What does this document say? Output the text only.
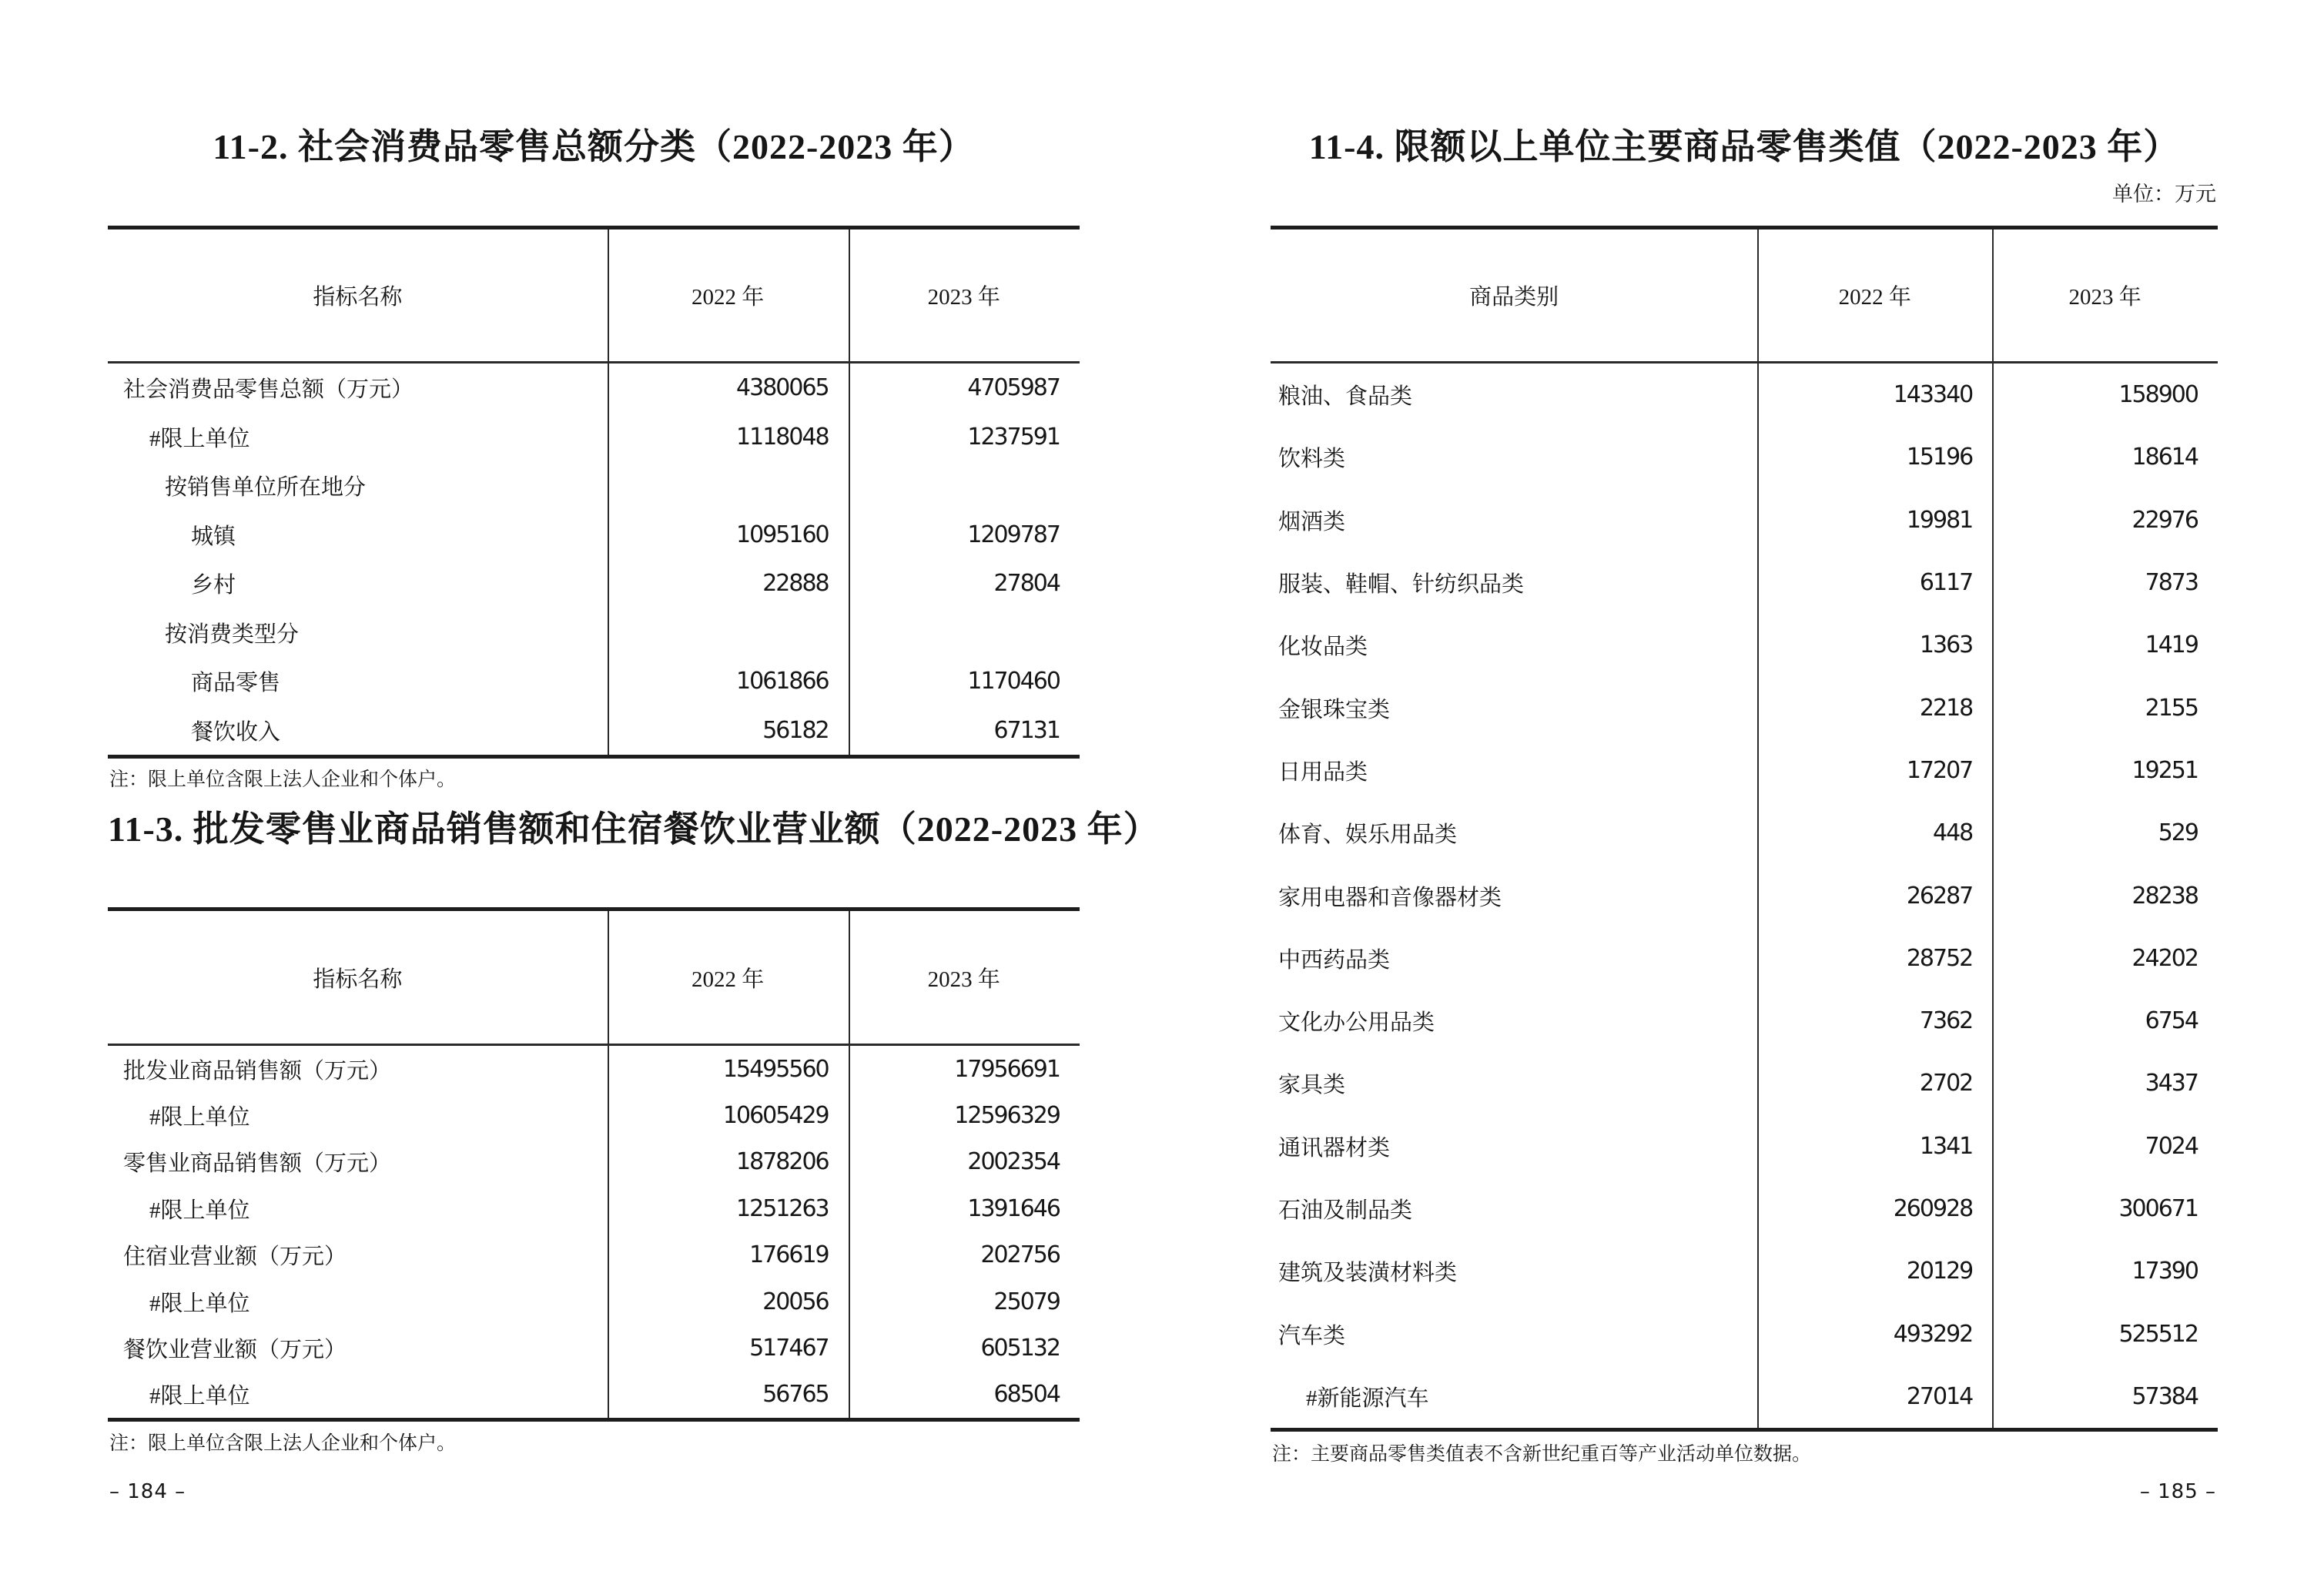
11-2. 社会消费品零售总额分类（2022-2023 年）
指标名称	2022 年	2023 年
社会消费品零售总额（万元）	4380065	4705987
#限上单位	1118048	1237591
按销售单位所在地分
城镇	1095160	1209787
乡村	22888	27804
按消费类型分
商品零售	1061866	1170460
餐饮收入	56182	67131
注：限上单位含限上法人企业和个体户。
11-3. 批发零售业商品销售额和住宿餐饮业营业额（2022-2023 年）
指标名称	2022 年	2023 年
批发业商品销售额（万元）	15495560	17956691
#限上单位	10605429	12596329
零售业商品销售额（万元）	1878206	2002354
#限上单位	1251263	1391646
住宿业营业额（万元）	176619	202756
#限上单位	20056	25079
餐饮业营业额（万元）	517467	605132
#限上单位	56765	68504
注：限上单位含限上法人企业和个体户。
– 184 –
11-4. 限额以上单位主要商品零售类值（2022-2023 年）
单位：万元
商品类别	2022 年	2023 年
粮油、食品类	143340	158900
饮料类	15196	18614
烟酒类	19981	22976
服装、鞋帽、针纺织品类	6117	7873
化妆品类	1363	1419
金银珠宝类	2218	2155
日用品类	17207	19251
体育、娱乐用品类	448	529
家用电器和音像器材类	26287	28238
中西药品类	28752	24202
文化办公用品类	7362	6754
家具类	2702	3437
通讯器材类	1341	7024
石油及制品类	260928	300671
建筑及装潢材料类	20129	17390
汽车类	493292	525512
#新能源汽车	27014	57384
注：主要商品零售类值表不含新世纪重百等产业活动单位数据。
– 185 –
